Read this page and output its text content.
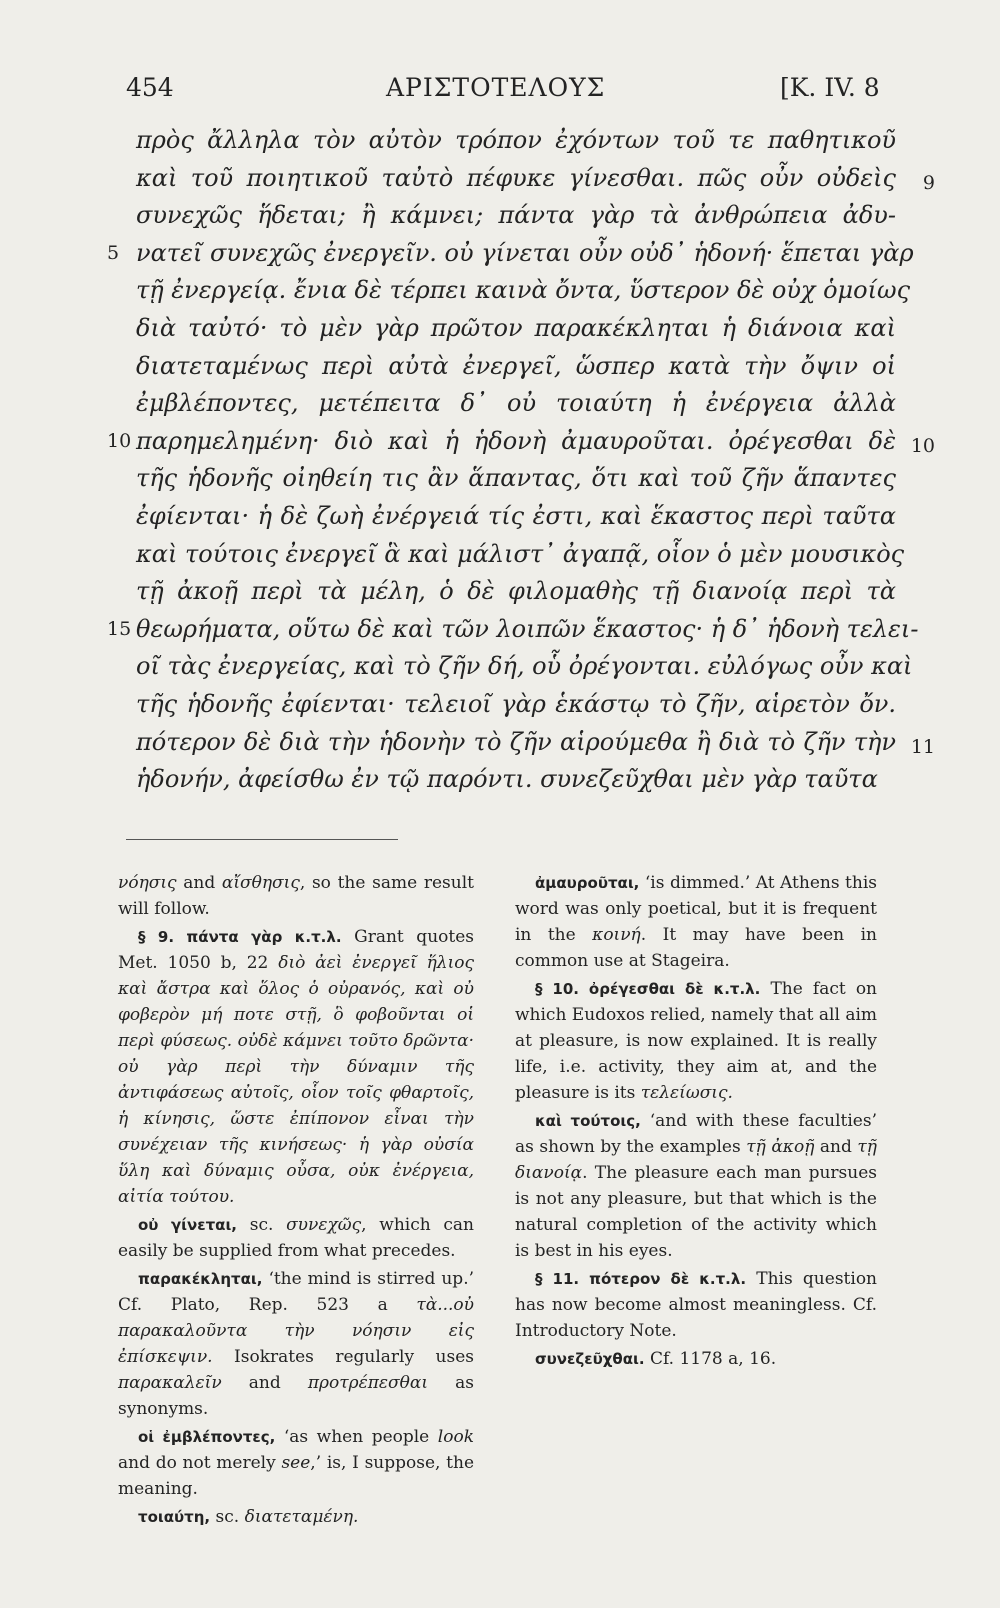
454	ΑΡΙΣΤΟΤΕΛΟΥΣ	[K. IV. 8
πρὸς ἄλληλα τὸν αὐτὸν τρόπον ἐχόντων τοῦ τε παθητικοῦ
καὶ τοῦ ποιητικοῦ ταὐτὸ πέφυκε γίνεσθαι. πῶς οὖν οὐδεὶς 9
συνεχῶς ἥδεται; ἢ κάμνει; πάντα γὰρ τὰ ἀνθρώπεια ἀδυ-
νατεῖ συνεχῶς ἐνεργεῖν. οὐ γίνεται οὖν οὐδ᾽ ἡδονή· ἕπεται γὰρ
5
τῇ ἐνεργείᾳ. ἔνια δὲ τέρπει καινὰ ὄντα, ὕστερον δὲ οὐχ ὁμοίως
διὰ ταὐτό· τὸ μὲν γὰρ πρῶτον παρακέκληται ἡ διάνοια καὶ
διατεταμένως περὶ αὐτὰ ἐνεργεῖ, ὥσπερ κατὰ τὴν ὄψιν οἱ
ἐμβλέποντες, μετέπειτα δ᾽ οὐ τοιαύτη ἡ ἐνέργεια ἀλλὰ
παρημελημένη· διὸ καὶ ἡ ἡδονὴ ἀμαυροῦται. ὀρέγεσθαι δὲ
10	10
τῆς ἡδονῆς οἰηθείη τις ἂν ἅπαντας, ὅτι καὶ τοῦ ζῆν ἅπαντες
ἐφίενται· ἡ δὲ ζωὴ ἐνέργειά τίς ἐστι, καὶ ἕκαστος περὶ ταῦτα
καὶ τούτοις ἐνεργεῖ ἃ καὶ μάλιστ᾽ ἀγαπᾷ, οἷον ὁ μὲν μουσικὸς
τῇ ἀκοῇ περὶ τὰ μέλη, ὁ δὲ φιλομαθὴς τῇ διανοίᾳ περὶ τὰ
θεωρήματα, οὕτω δὲ καὶ τῶν λοιπῶν ἕκαστος· ἡ δ᾽ ἡδονὴ τελει-
15
οῖ τὰς ἐνεργείας, καὶ τὸ ζῆν δή, οὗ ὀρέγονται. εὐλόγως οὖν καὶ
τῆς ἡδονῆς ἐφίενται· τελειοῖ γὰρ ἑκάστῳ τὸ ζῆν, αἱρετὸν ὄν.
πότερον δὲ διὰ τὴν ἡδονὴν τὸ ζῆν αἱρούμεθα ἢ διὰ τὸ ζῆν τὴν 11
ἡδονήν, ἀφείσθω ἐν τῷ παρόντι. συνεζεῦχθαι μὲν γὰρ ταῦτα
νόησις and αἴσθησις, so the same result will follow.
§ 9. πάντα γὰρ κ.τ.λ. Grant quotes Met. 1050 b, 22 διὸ ἀεὶ ἐνεργεῖ ἥλιος καὶ ἄστρα καὶ ὅλος ὁ οὐρανός, καὶ οὐ φοβερὸν μή ποτε στῇ, ὃ φοβοῦνται οἱ περὶ φύσεως. οὐδὲ κάμνει τοῦτο δρῶντα· οὐ γὰρ περὶ τὴν δύναμιν τῆς ἀντιφάσεως αὐτοῖς, οἷον τοῖς φθαρτοῖς, ἡ κίνησις, ὥστε ἐπίπονον εἶναι τὴν συνέχειαν τῆς κινήσεως· ἡ γὰρ οὐσία ὕλη καὶ δύναμις οὖσα, οὐκ ἐνέργεια, αἰτία τούτου.
οὐ γίνεται, sc. συνεχῶς, which can easily be supplied from what precedes.
παρακέκληται, ‘the mind is stirred up.’ Cf. Plato, Rep. 523 a τὰ...οὐ παρακαλοῦντα τὴν νόησιν εἰς ἐπίσκεψιν. Isokrates regularly uses παρακαλεῖν and προτρέπεσθαι as synonyms.
οἱ ἐμβλέποντες, ‘as when people look and do not merely see,’ is, I suppose, the meaning.
τοιαύτη, sc. διατεταμένη.
ἀμαυροῦται, ‘is dimmed.’ At Athens this word was only poetical, but it is frequent in the κοινή. It may have been in common use at Stageira.
§ 10. ὀρέγεσθαι δὲ κ.τ.λ. The fact on which Eudoxos relied, namely that all aim at pleasure, is now explained. It is really life, i.e. activity, they aim at, and the pleasure is its τελείωσις.
καὶ τούτοις, ‘and with these faculties’ as shown by the examples τῇ ἀκοῇ and τῇ διανοίᾳ. The pleasure each man pursues is not any pleasure, but that which is the natural completion of the activity which is best in his eyes.
§ 11. πότερον δὲ κ.τ.λ. This question has now become almost meaningless. Cf. Introductory Note.
συνεζεῦχθαι. Cf. 1178 a, 16.
